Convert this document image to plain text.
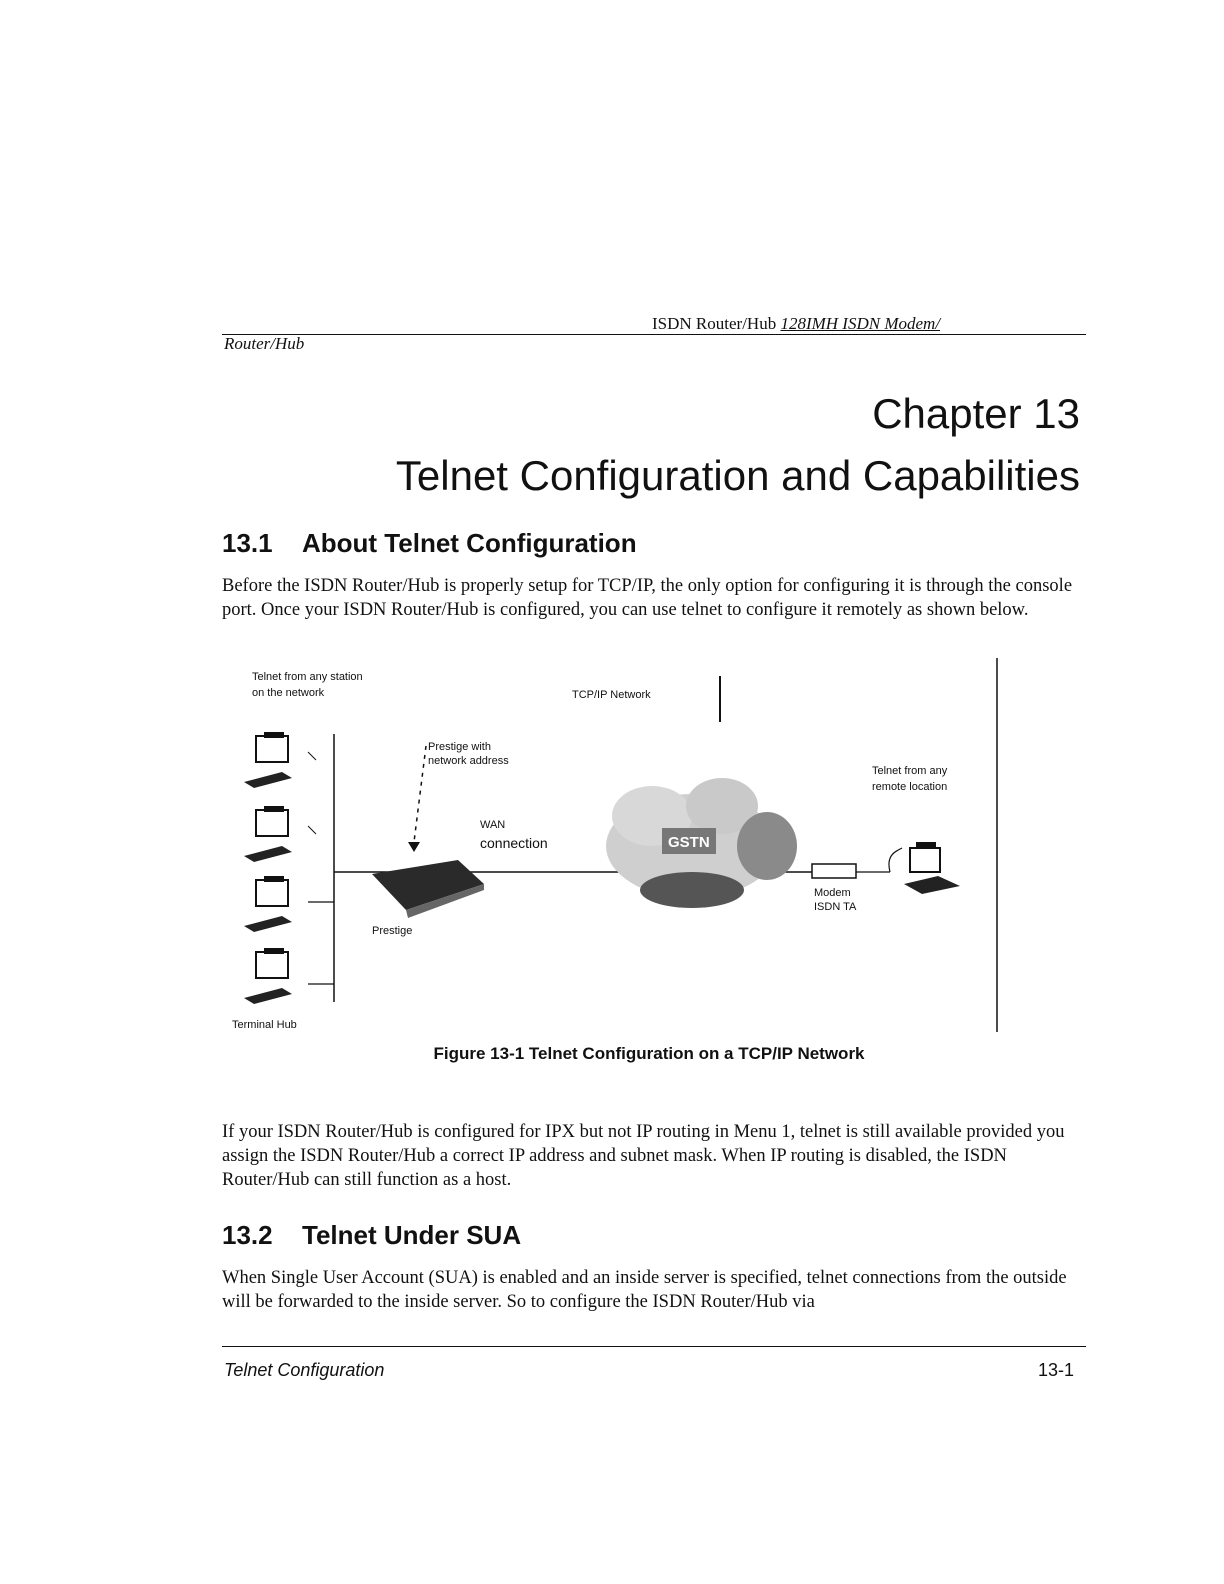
ISDN Router/Hub 128IMH ISDN Modem/
Router/Hub
Chapter 13
Telnet Configuration and Capabilities
13.1 About Telnet Configuration

Before the ISDN Router/Hub is properly setup for TCP/IP, the only option for configuring it is through the console port. Once your ISDN Router/Hub is configured, you can use telnet to configure it remotely as shown below.

Telnet from any station
on the network	TCP/IP Network
Terminal Hub
Prestige with
network address
WAN
connection
Prestige
GSTN
Modem
ISDN TA
Telnet from any
remote location
Figure 13-1 Telnet Configuration on a TCP/IP Network

If your ISDN Router/Hub is configured for IPX but not IP routing in Menu 1, telnet is still available provided you assign the ISDN Router/Hub a correct IP address and subnet mask. When IP routing is disabled, the ISDN Router/Hub can still function as a host.

13.2 Telnet Under SUA

When Single User Account (SUA) is enabled and an inside server is specified, telnet connections from the outside will be forwarded to the inside server. So to configure the ISDN Router/Hub via

Telnet Configuration	13-1
